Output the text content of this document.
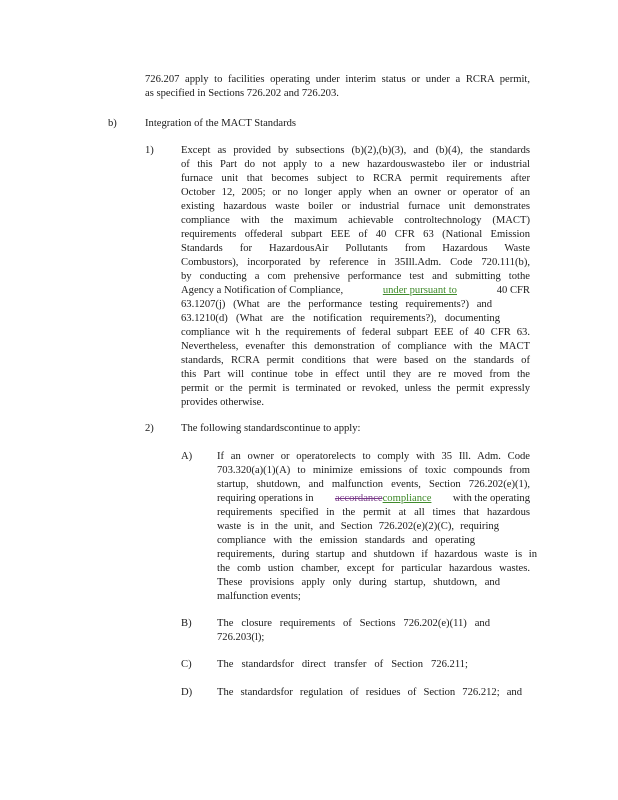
726.207 apply to facilities operating under interim status or under a RCRA permit,
as specified in Sections 726.202 and 726.203.
b)	Integration of the MACT Standards
1)	Except as provided by subsections (b)(2),(b)(3), and (b)(4), the standards
of this Part do not apply to a new hazardouswastebo iler or industrial
furnace unit that becomes subject to RCRA permit requirements after
October 12, 2005; or no longer apply when an owner or operator of an
existing hazardous waste boiler or industrial furnace unit demonstrates
compliance with the maximum achievable controltechnology (MACT)
requirements offederal subpart EEE of 40 CFR 63 (National Emission
Standards for HazardousAir Pollutants from Hazardous Waste
Combustors), incorporated by reference in 35Ill.Adm. Code 720.111(b),
by conducting a com prehensive performance test and submitting tothe
Agency a Notification of Compliance,	under pursuant to	40 CFR
63.1207(j) (What are the performance testing requirements?) and
63.1210(d) (What are the notification requirements?), documenting
compliance wit h the requirements of federal subpart EEE of 40 CFR 63.
Nevertheless, evenafter this demonstration of compliance with the MACT
standards, RCRA permit conditions that were based on the standards of
this Part will continue tobe in effect until they are re moved from the
permit or the permit is terminated or revoked, unless the permit expressly
provides otherwise.
2)	The following standardscontinue to apply:
A) If an owner or operatorelects to comply with 35 Ill. Adm. Code
703.320(a)(1)(A) to minimize emissions of toxic compounds from
startup, shutdown, and malfunction events, Section 726.202(e)(1),
requiring operations in accordancecompliance with the operating
requirements specified in the permit at all times that hazardous
waste is in the unit, and Section 726.202(e)(2)(C), requiring
compliance with the emission standards and operating
requirements, during startup and shutdown if hazardous waste is in
the comb ustion chamber, except for particular hazardous wastes.
These provisions apply only during startup, shutdown, and
malfunction events;
B) The closure requirements of Sections 726.202(e)(11) and
726.203(l);
C) The standardsfor direct transfer of Section 726.211;
D) The standardsfor regulation of residues of Section 726.212; and
